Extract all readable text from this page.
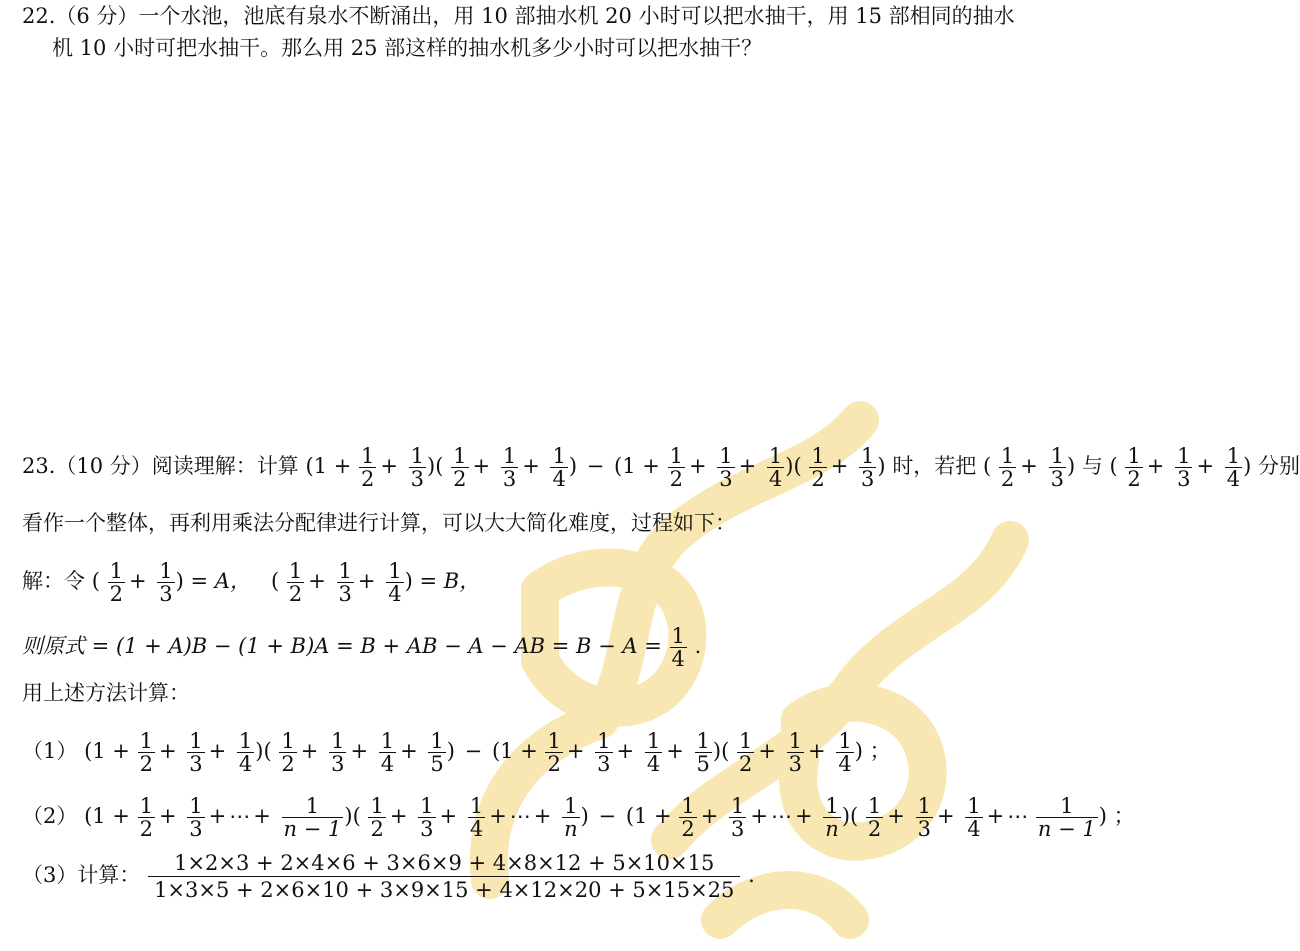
22.（6 分）一个水池，池底有泉水不断涌出，用 10 部抽水机 20 小时可以把水抽干，用 15 部相同的抽水
机 10 小时可把水抽干。那么用 25 部这样的抽水机多少小时可以把水抽干？
23.（10 分）阅读理解：计算 ($1 + \frac{1}{2} + \frac{1}{3}$ )( $\frac{1}{2} + \frac{1}{3} + \frac{1}{4}$ ) − ($1 + \frac{1}{2} + \frac{1}{3} + \frac{1}{4}$ )( $\frac{1}{2} + \frac{1}{3}$ ) 时，若把 ( $\frac{1}{2} + \frac{1}{3}$ ) 与 ( $\frac{1}{2} + \frac{1}{3} + \frac{1}{4}$ ) 分别
看作一个整体，再利用乘法分配律进行计算，可以大大简化难度，过程如下：
解：令 ( $\frac{1}{2} + \frac{1}{3}$ ) = A， ( $\frac{1}{2} + \frac{1}{3} + \frac{1}{4}$ ) = B，
则原式 = (1 + A)B − (1 + B)A = B + AB − A − AB = $B - A = \frac{1}{4}$ .
用上述方法计算：
（1） ($1 + \frac{1}{2} + \frac{1}{3} + \frac{1}{4}$ )( $\frac{1}{2} + \frac{1}{3} + \frac{1}{4} + \frac{1}{5}$ ) − ($1 + \frac{1}{2} + \frac{1}{3} + \frac{1}{4} + \frac{1}{5}$ )( $\frac{1}{2} + \frac{1}{3} + \frac{1}{4}$ ) ；
（2） ($1 + \frac{1}{2} + \frac{1}{3}$ + ⋯ + $\frac{1}{n - 1}$ )( $\frac{1}{2} + \frac{1}{3} + \frac{1}{4}$ + ⋯ + $\frac{1}{n}$ ) − ($1 + \frac{1}{2} + \frac{1}{3}$ + ⋯ + $\frac{1}{n}$ )( $\frac{1}{2} + \frac{1}{3} + \frac{1}{4}$ + ⋯ $\frac{1}{n - 1}$ ) ；
（3）计算： $\frac{1\times 2\times 3 + 2\times 4\times 6 + 3\times 6\times 9 + 4\times 8\times 12 + 5\times 10\times 15}{1\times 3\times 5 + 2\times 6\times 10 + 3\times 9\times 15 + 4\times 12\times 20 + 5\times 15\times 25}$ .
